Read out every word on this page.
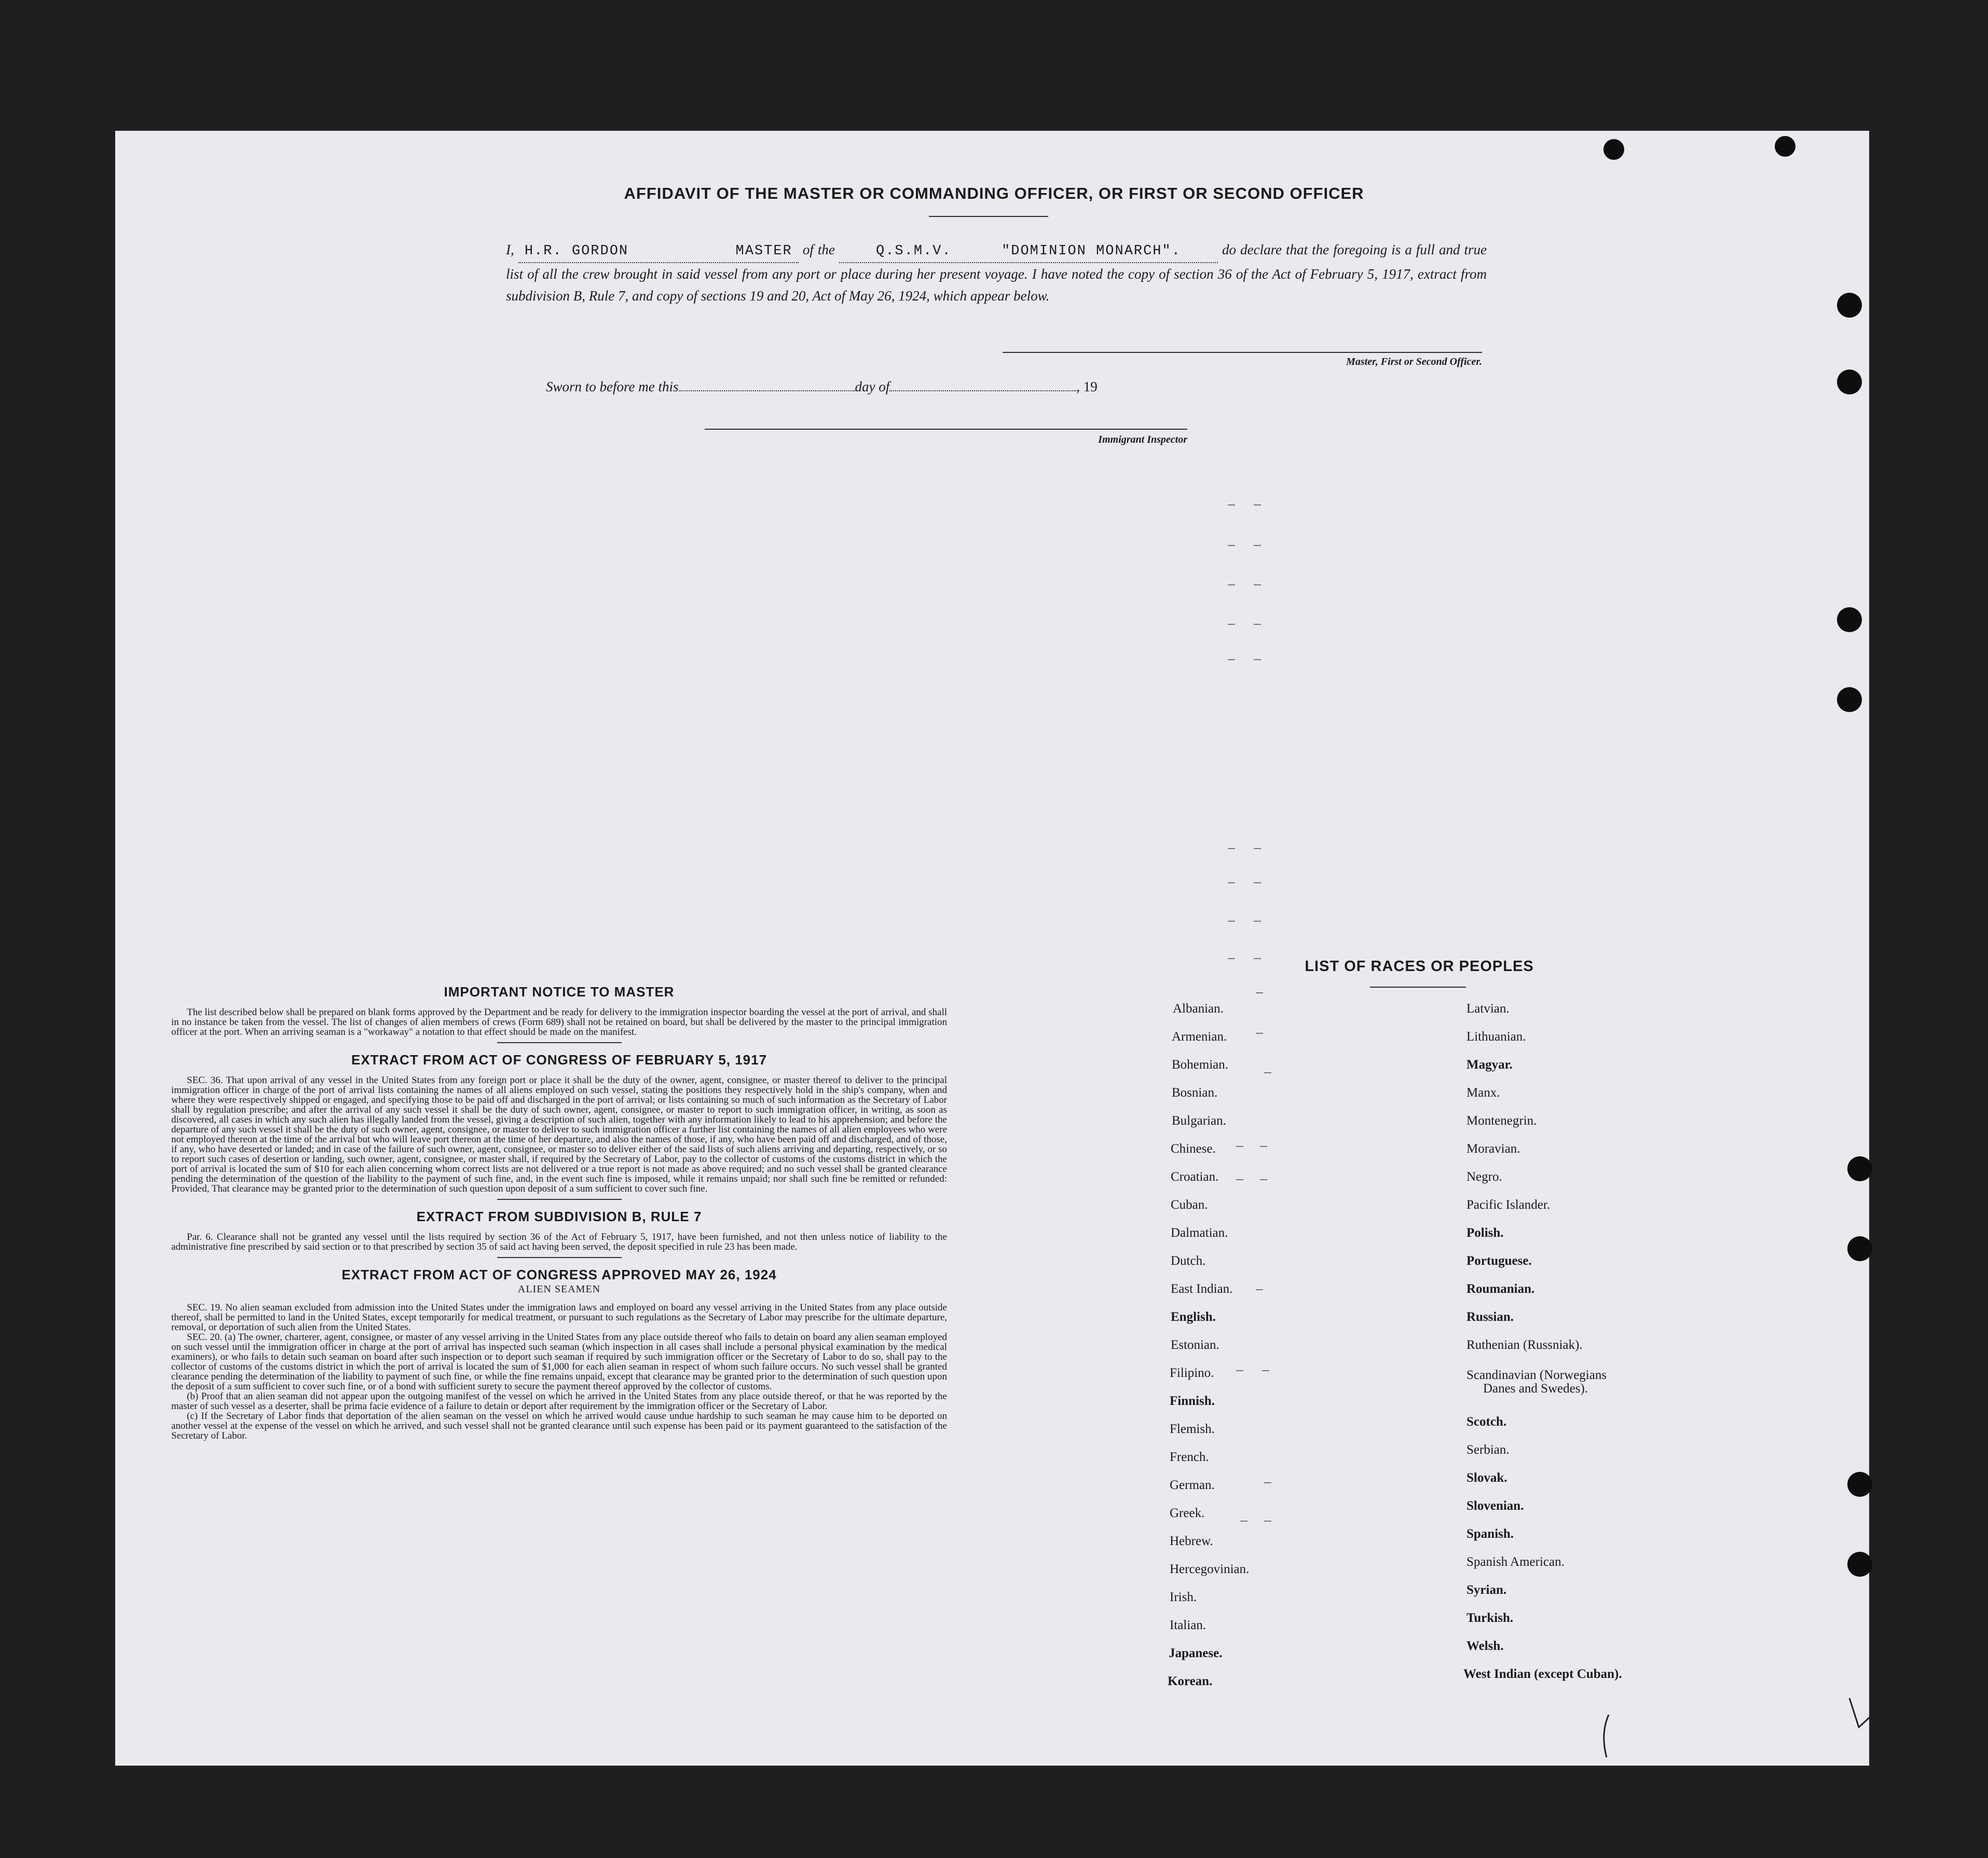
AFFIDAVIT OF THE MASTER OR COMMANDING OFFICER, OR FIRST OR SECOND OFFICER
I, H.R. GORDON	MASTER of the	Q.S.M.V.	"DOMINION MONARCH".	do declare that the foregoing is a full and true list of all the crew brought in said vessel from any port or place during her present voyage. I have noted the copy of section 36 of the Act of February 5, 1917, extract from subdivision B, Rule 7, and copy of sections 19 and 20, Act of May 26, 1924, which appear below.
Master, First or Second Officer.
Sworn to before me this	day of	, 19
Immigrant Inspector
IMPORTANT NOTICE TO MASTER

The list described below shall be prepared on blank forms approved by the Department and be ready for delivery to the immigration inspector boarding the vessel at the port of arrival, and shall in no instance be taken from the vessel. The list of changes of alien members of crews (Form 689) shall not be retained on board, but shall be delivered by the master to the principal immigration officer at the port. When an arriving seaman is a "workaway" a notation to that effect should be made on the manifest.

EXTRACT FROM ACT OF CONGRESS OF FEBRUARY 5, 1917

SEC. 36. That upon arrival of any vessel in the United States from any foreign port or place it shall be the duty of the owner, agent, consignee, or master thereof to deliver to the principal immigration officer in charge of the port of arrival lists containing the names of all aliens employed on such vessel, stating the positions they respectively hold in the ship's company, when and where they were respectively shipped or engaged, and specifying those to be paid off and discharged in the port of arrival; or lists containing so much of such information as the Secretary of Labor shall by regulation prescribe; and after the arrival of any such vessel it shall be the duty of such owner, agent, consignee, or master to report to such immigration officer, in writing, as soon as discovered, all cases in which any such alien has illegally landed from the vessel, giving a description of such alien, together with any information likely to lead to his apprehension; and before the departure of any such vessel it shall be the duty of such owner, agent, consignee, or master to deliver to such immigration officer a further list containing the names of all alien employees who were not employed thereon at the time of the arrival but who will leave port thereon at the time of her departure, and also the names of those, if any, who have been paid off and discharged, and of those, if any, who have deserted or landed; and in case of the failure of such owner, agent, consignee, or master so to deliver either of the said lists of such aliens arriving and departing, respectively, or so to report such cases of desertion or landing, such owner, agent, consignee, or master shall, if required by the Secretary of Labor, pay to the collector of customs of the customs district in which the port of arrival is located the sum of $10 for each alien concerning whom correct lists are not delivered or a true report is not made as above required; and no such vessel shall be granted clearance pending the determination of the question of the liability to the payment of such fine, and, in the event such fine is imposed, while it remains unpaid; nor shall such fine be remitted or refunded: Provided, That clearance may be granted prior to the determination of such question upon deposit of a sum sufficient to cover such fine.

EXTRACT FROM SUBDIVISION B, RULE 7

Par. 6. Clearance shall not be granted any vessel until the lists required by section 36 of the Act of February 5, 1917, have been furnished, and not then unless notice of liability to the administrative fine prescribed by said section or to that prescribed by section 35 of said act having been served, the deposit specified in rule 23 has been made.

EXTRACT FROM ACT OF CONGRESS APPROVED MAY 26, 1924
ALIEN SEAMEN

SEC. 19. No alien seaman excluded from admission into the United States under the immigration laws and employed on board any vessel arriving in the United States from any place outside thereof, shall be permitted to land in the United States, except temporarily for medical treatment, or pursuant to such regulations as the Secretary of Labor may prescribe for the ultimate departure, removal, or deportation of such alien from the United States.

SEC. 20. (a) The owner, charterer, agent, consignee, or master of any vessel arriving in the United States from any place outside thereof who fails to detain on board any alien seaman employed on such vessel until the immigration officer in charge at the port of arrival has inspected such seaman (which inspection in all cases shall include a personal physical examination by the medical examiners), or who fails to detain such seaman on board after such inspection or to deport such seaman if required by such immigration officer or the Secretary of Labor to do so, shall pay to the collector of customs of the customs district in which the port of arrival is located the sum of $1,000 for each alien seaman in respect of whom such failure occurs. No such vessel shall be granted clearance pending the determination of the liability to payment of such fine, or while the fine remains unpaid, except that clearance may be granted prior to the determination of such question upon the deposit of a sum sufficient to cover such fine, or of a bond with sufficient surety to secure the payment thereof approved by the collector of customs.

(b) Proof that an alien seaman did not appear upon the outgoing manifest of the vessel on which he arrived in the United States from any place outside thereof, or that he was reported by the master of such vessel as a deserter, shall be prima facie evidence of a failure to detain or deport after requirement by the immigration officer or the Secretary of Labor.

(c) If the Secretary of Labor finds that deportation of the alien seaman on the vessel on which he arrived would cause undue hardship to such seaman he may cause him to be deported on another vessel at the expense of the vessel on which he arrived, and such vessel shall not be granted clearance until such expense has been paid or its payment guaranteed to the satisfaction of the Secretary of Labor.

LIST OF RACES OR PEOPLES
Albanian.
Armenian.
Bohemian.
Bosnian.
Bulgarian.
Chinese.
Croatian.
Cuban.
Dalmatian.
Dutch.
East Indian.
English.
Estonian.
Filipino.
Finnish.
Flemish.
French.
German.
Greek.
Hebrew.
Hercegovinian.
Irish.
Italian.
Japanese.
Korean.
Latvian.
Lithuanian.
Magyar.
Manx.
Montenegrin.
Moravian.
Negro.
Pacific Islander.
Polish.
Portuguese.
Roumanian.
Russian.
Ruthenian (Russniak).
Scandinavian (Norwegians
Danes and Swedes).
Scotch.
Serbian.
Slovak.
Slovenian.
Spanish.
Spanish American.
Syrian.
Turkish.
Welsh.
West Indian (except Cuban).
